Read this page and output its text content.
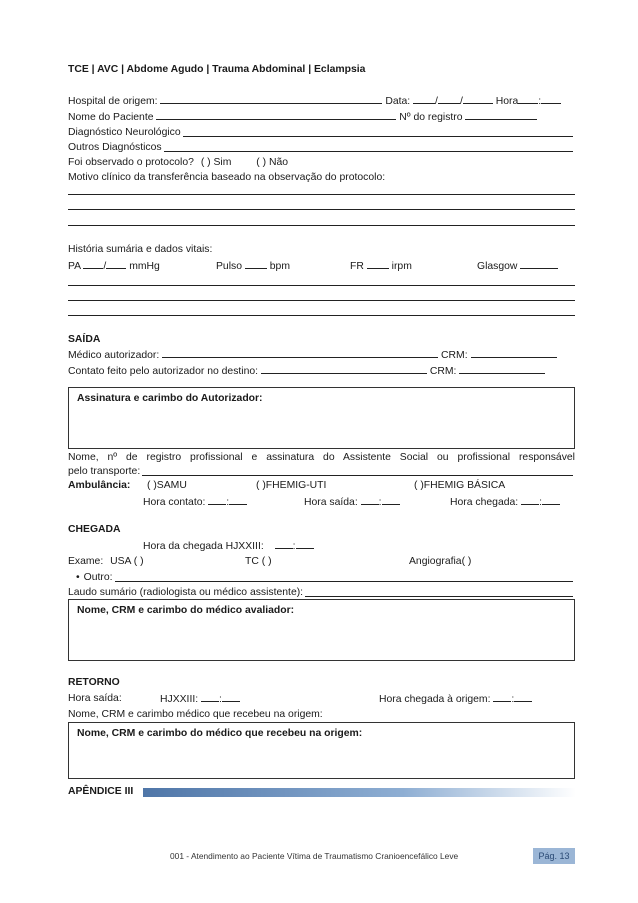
TCE | AVC | Abdome Agudo | Trauma Abdominal | Eclampsia
Hospital de origem:	Data: / /	Hora :
Nome do Paciente	Nº do registro
Diagnóstico Neurológico
Outros Diagnósticos
Foi observado o protocolo? ( ) Sim ( ) Não
Motivo clínico da transferência baseado na observação do protocolo:
História sumária e dados vitais:
PA / mmHg	Pulso	bpm	FR	irpm	Glasgow
SAÍDA
Médico autorizador:	CRM:
Contato feito pelo autorizador no destino:	CRM:
Assinatura e carimbo do Autorizador:
Nome, nº de registro profissional e assinatura do Assistente Social ou profissional responsável
pelo transporte:
Ambulância: ( )SAMU	( )FHEMIG-UTI	( )FHEMIG BÁSICA
Hora contato: :	Hora saída: :	Hora chegada: :
CHEGADA
Hora da chegada HJXXIII:	:
Exame: USA ( )	TC ( )	Angiografia( )
• Outro:
Laudo sumário (radiologista ou médico assistente):
Nome, CRM e carimbo do médico avaliador:
RETORNO
Hora saída:	HJXXIII: :	Hora chegada à origem: :
Nome, CRM e carimbo médico que recebeu na origem:
Nome, CRM e carimbo do médico que recebeu na origem:
APÊNDICE III
001 - Atendimento ao Paciente Vítima de Traumatismo Cranioencefálico Leve	Pág. 13
